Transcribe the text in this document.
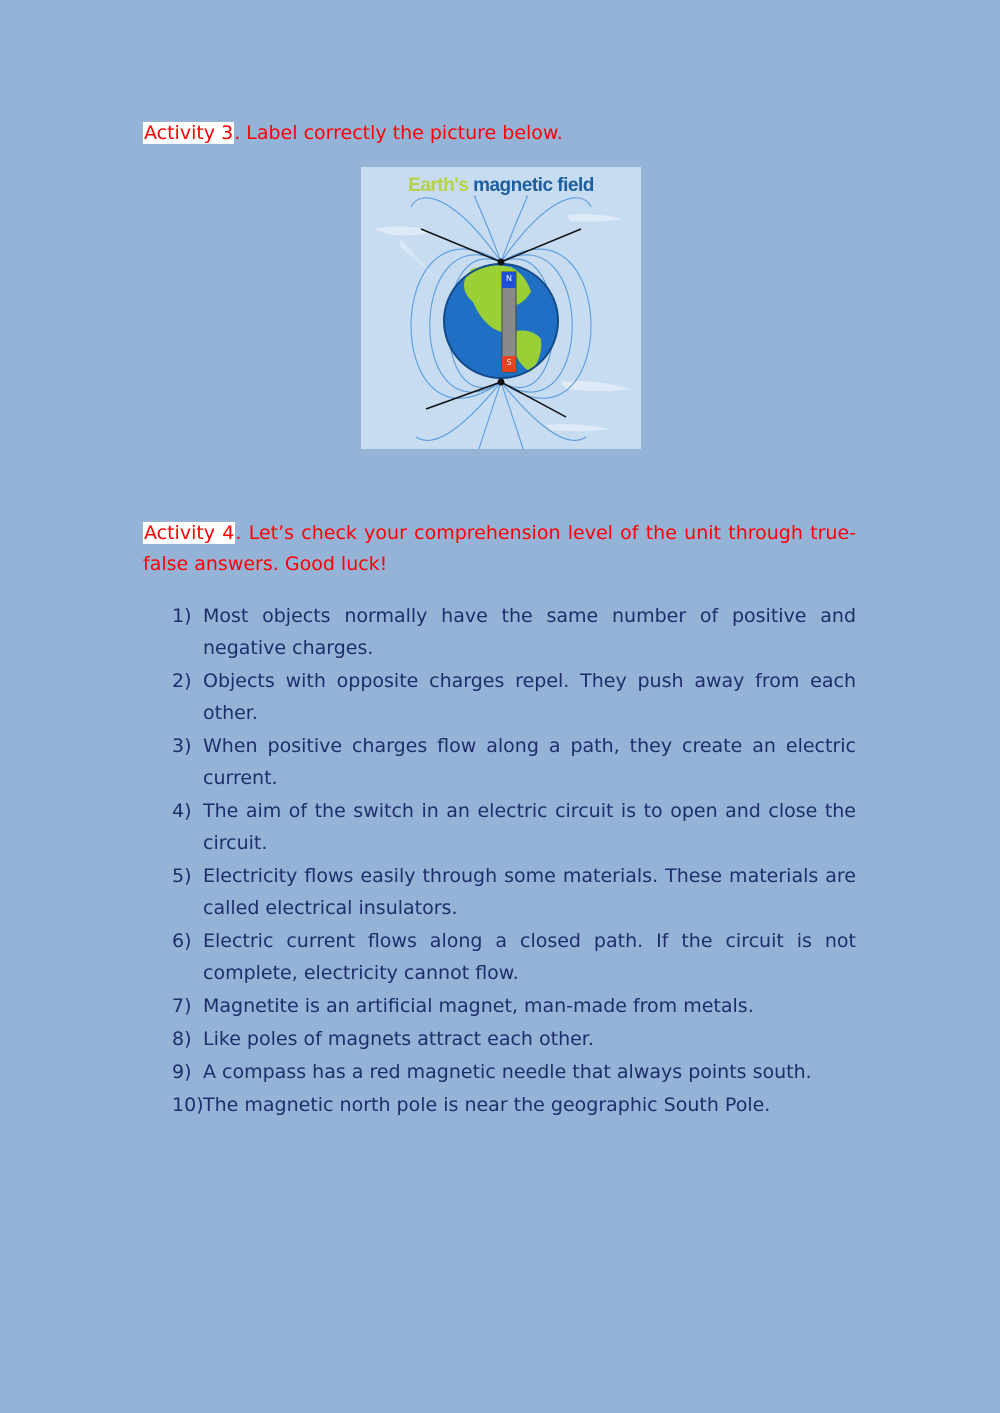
Activity 3. Label correctly the picture below.

Earth's magnetic field
N
S

Activity 4. Let’s check your comprehension level of the unit through true-false answers. Good luck!

1) Most objects normally have the same number of positive and negative charges.
2) Objects with opposite charges repel. They push away from each other.
3) When positive charges flow along a path, they create an electric current.
4) The aim of the switch in an electric circuit is to open and close the circuit.
5) Electricity flows easily through some materials. These materials are called electrical insulators.
6) Electric current flows along a closed path. If the circuit is not complete, electricity cannot flow.
7) Magnetite is an artificial magnet, man-made from metals.
8) Like poles of magnets attract each other.
9) A compass has a red magnetic needle that always points south.
10) The magnetic north pole is near the geographic South Pole.
